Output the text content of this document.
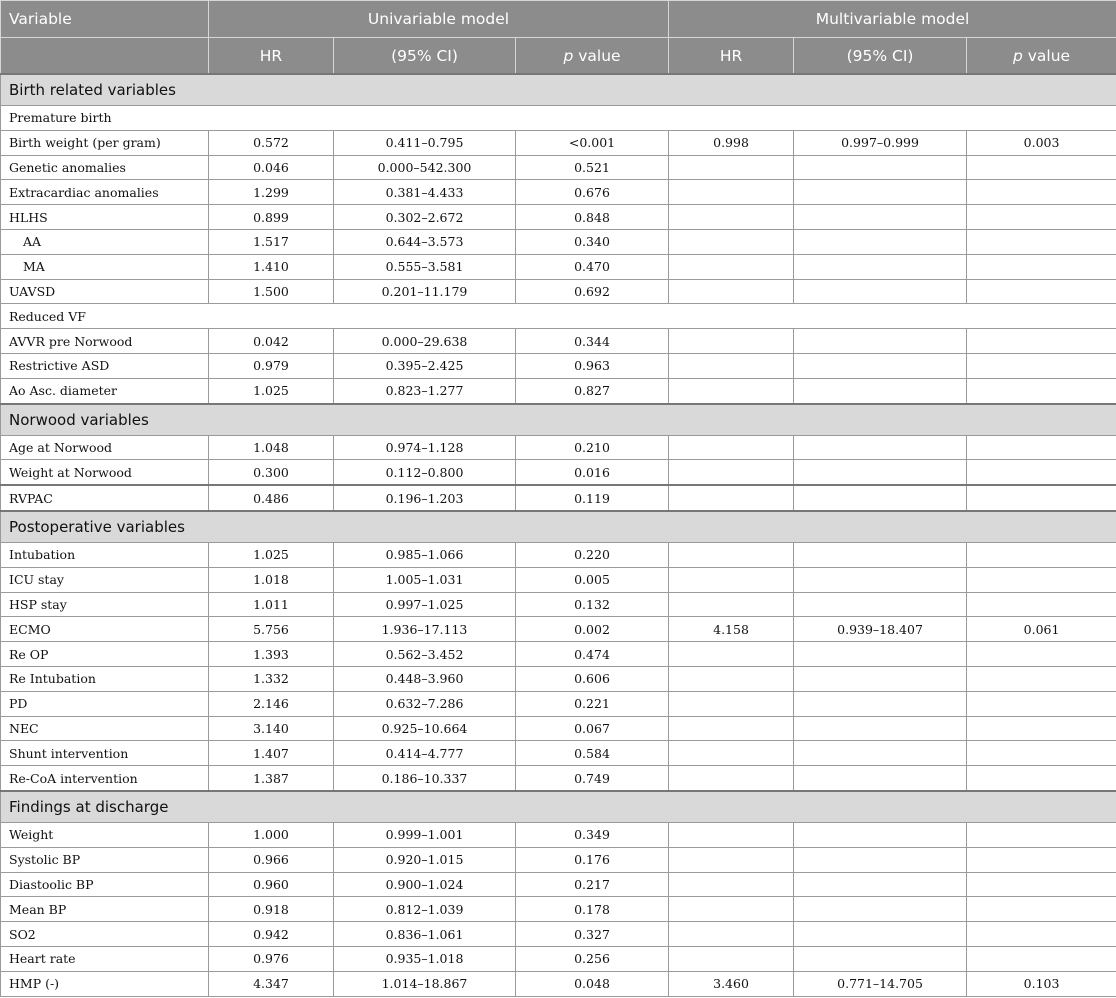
Variable	Univariable model			Multivariable model		
	HR	(95% CI)	p value	HR	(95% CI)	p value
Birth related variables						
Premature birth						
Birth weight (per gram)	0.572	0.411–0.795	<0.001	0.998	0.997–0.999	0.003
Genetic anomalies	0.046	0.000–542.300	0.521			
Extracardiac anomalies	1.299	0.381–4.433	0.676			
HLHS	0.899	0.302–2.672	0.848			
AA	1.517	0.644–3.573	0.340			
MA	1.410	0.555–3.581	0.470			
UAVSD	1.500	0.201–11.179	0.692			
Reduced VF						
AVVR pre Norwood	0.042	0.000–29.638	0.344			
Restrictive ASD	0.979	0.395–2.425	0.963			
Ao Asc. diameter	1.025	0.823–1.277	0.827			
Norwood variables						
Age at Norwood	1.048	0.974–1.128	0.210			
Weight at Norwood	0.300	0.112–0.800	0.016			
RVPAC	0.486	0.196–1.203	0.119			
Postoperative variables						
Intubation	1.025	0.985–1.066	0.220			
ICU stay	1.018	1.005–1.031	0.005			
HSP stay	1.011	0.997–1.025	0.132			
ECMO	5.756	1.936–17.113	0.002	4.158	0.939–18.407	0.061
Re OP	1.393	0.562–3.452	0.474			
Re Intubation	1.332	0.448–3.960	0.606			
PD	2.146	0.632–7.286	0.221			
NEC	3.140	0.925–10.664	0.067			
Shunt intervention	1.407	0.414–4.777	0.584			
Re-CoA intervention	1.387	0.186–10.337	0.749			
Findings at discharge						
Weight	1.000	0.999–1.001	0.349			
Systolic BP	0.966	0.920–1.015	0.176			
Diastoolic BP	0.960	0.900–1.024	0.217			
Mean BP	0.918	0.812–1.039	0.178			
SO2	0.942	0.836–1.061	0.327			
Heart rate	0.976	0.935–1.018	0.256			
HMP (-)	4.347	1.014–18.867	0.048	3.460	0.771–14.705	0.103
